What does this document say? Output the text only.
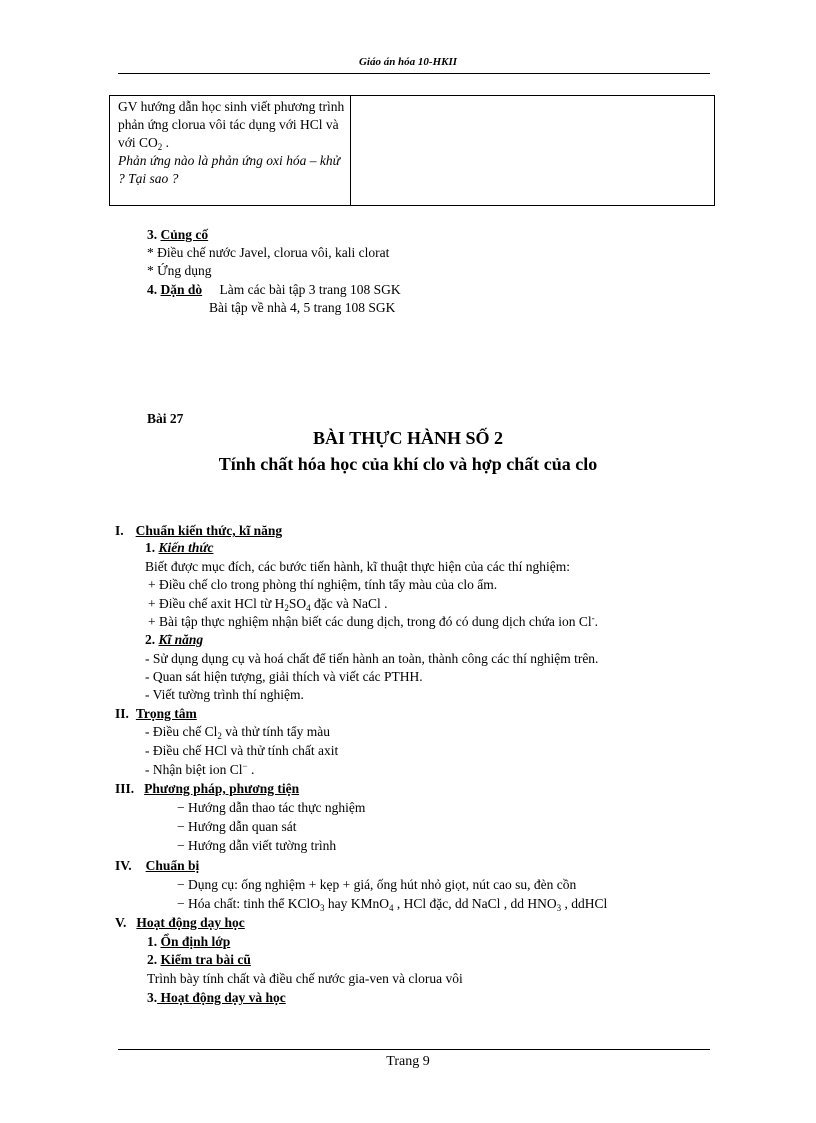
Giáo án hóa 10-HKII
GV hướng dẫn học sinh viết phương trình phản ứng clorua vôi tác dụng với HCl và với $CO_2$ .
Phản ứng nào là phản ứng oxi hóa – khử ? Tại sao ?
3. Củng cố
* Điều chế nước Javel, clorua vôi, kali clorat
* Ứng dụng
4. Dặn dò Làm các bài tập 3 trang 108 SGK
Bài tập về nhà 4, 5 trang 108 SGK
Bài 27
BÀI THỰC HÀNH SỐ 2
Tính chất hóa học của khí clo và hợp chất của clo
I. Chuẩn kiến thức, kĩ năng
1. Kiến thức
Biết được mục đích, các bước tiến hành, kĩ thuật thực hiện của các thí nghiệm:
+ Điều chế clo trong phòng thí nghiệm, tính tẩy màu của clo ẩm.
+ Điều chế axit HCl từ $H_2SO_4$ đặc và NaCl .
+ Bài tập thực nghiệm nhận biết các dung dịch, trong đó có dung dịch chứa ion Cl-.
2. Kĩ năng
- Sử dụng dụng cụ và hoá chất để tiến hành an toàn, thành công các thí nghiệm trên.
- Quan sát hiện tượng, giải thích và viết các PTHH.
- Viết tường trình thí nghiệm.
II. Trọng tâm
- Điều chế $Cl_2$ và thử tính tẩy màu
- Điều chế HCl và thử tính chất axit
- Nhận biệt ion Cl− .
III. Phương pháp, phương tiện
− Hướng dẫn thao tác thực nghiệm
− Hướng dẫn quan sát
− Hướng dẫn viết tường trình
IV. Chuẩn bị
− Dụng cụ: ống nghiệm + kẹp + giá, ống hút nhỏ giọt, nút cao su, đèn cồn
− Hóa chất: tinh thể KClO$_3$ hay KMnO$_4$ , HCl đặc, dd NaCl , dd $HNO_3$ , ddHCl
V. Hoạt động dạy học
1. Ổn định lớp
2. Kiểm tra bài cũ
Trình bày tính chất và điều chế nước gia-ven và clorua vôi
3. Hoạt động dạy và học
Trang 9
